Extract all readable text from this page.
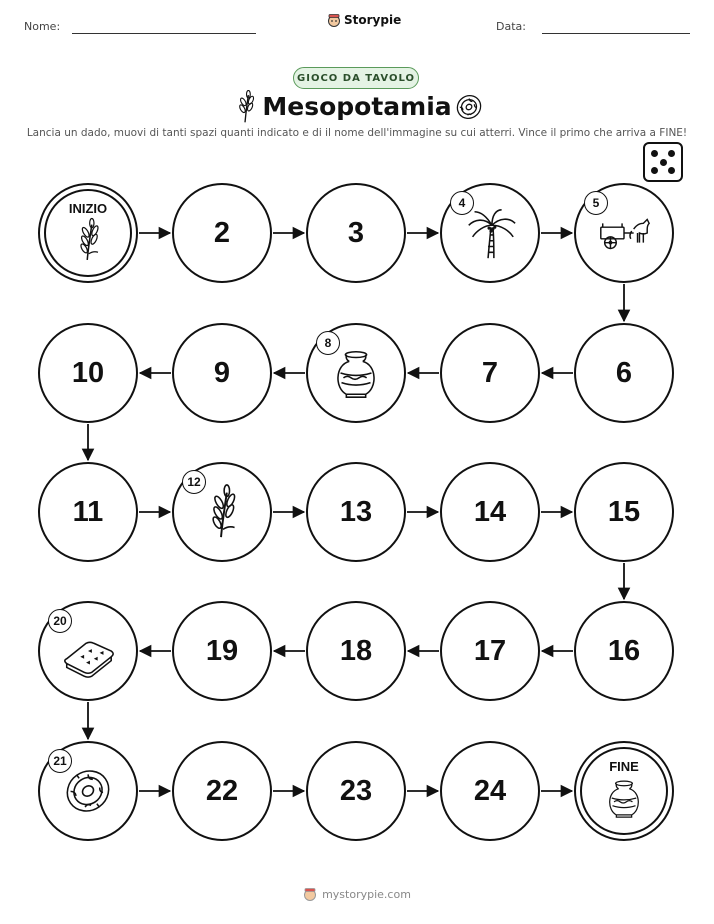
Nome:	Storypie	Data:
GIOCO DA TAVOLO
Mesopotamia
Lancia un dado, muovi di tanti spazi quanti indicato e di il nome dell'immagine su cui atterri. Vince il primo che arriva a FINE!
INIZIO
2	3
4	5
6
7
8
9
10
11
12
13	14	15
16
17
18
19
20
21
22	23	24
FINE
mystorypie.com
